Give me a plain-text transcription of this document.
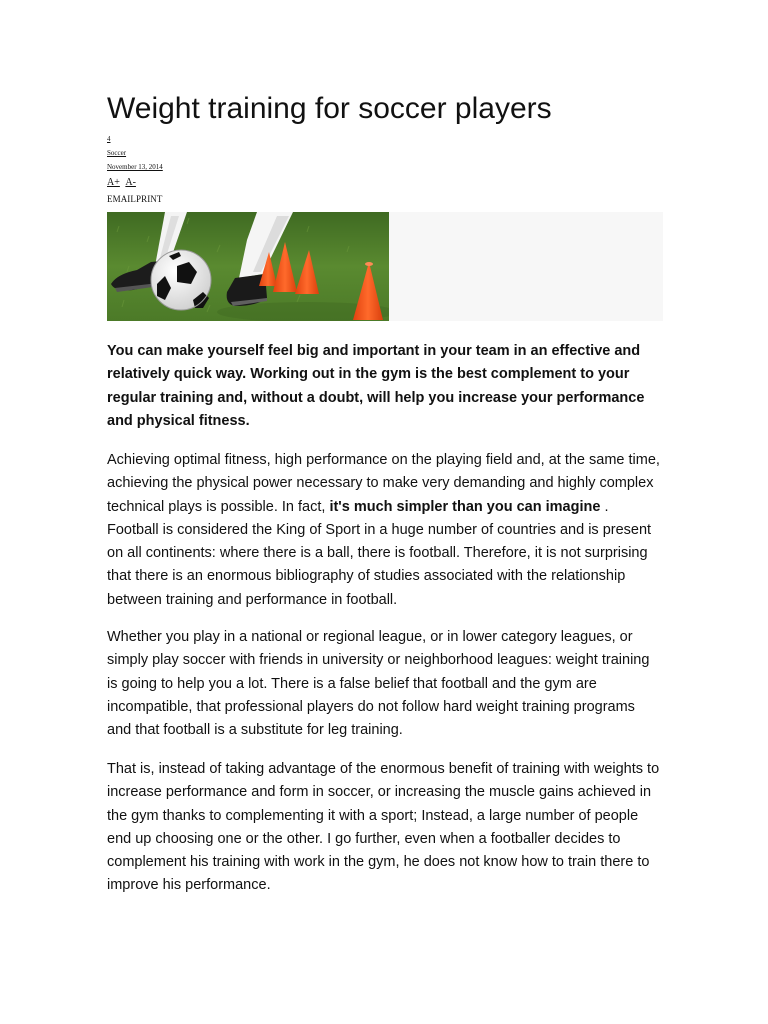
Weight training for soccer players
4
Soccer
November 13, 2014
A+ A-
EMAILPRINT

You can make yourself feel big and important in your team in an effective and relatively quick way. Working out in the gym is the best complement to your regular training and, without a doubt, will help you increase your performance and physical fitness.

Achieving optimal fitness, high performance on the playing field and, at the same time, achieving the physical power necessary to make very demanding and highly complex technical plays is possible. In fact, it's much simpler than you can imagine . Football is considered the King of Sport in a huge number of countries and is present on all continents: where there is a ball, there is football. Therefore, it is not surprising that there is an enormous bibliography of studies associated with the relationship between training and performance in football.

Whether you play in a national or regional league, or in lower category leagues, or simply play soccer with friends in university or neighborhood leagues: weight training is going to help you a lot. There is a false belief that football and the gym are incompatible, that professional players do not follow hard weight training programs and that football is a substitute for leg training.

That is, instead of taking advantage of the enormous benefit of training with weights to increase performance and form in soccer, or increasing the muscle gains achieved in the gym thanks to complementing it with a sport; Instead, a large number of people end up choosing one or the other. I go further, even when a footballer decides to complement his training with work in the gym, he does not know how to train there to improve his performance.
